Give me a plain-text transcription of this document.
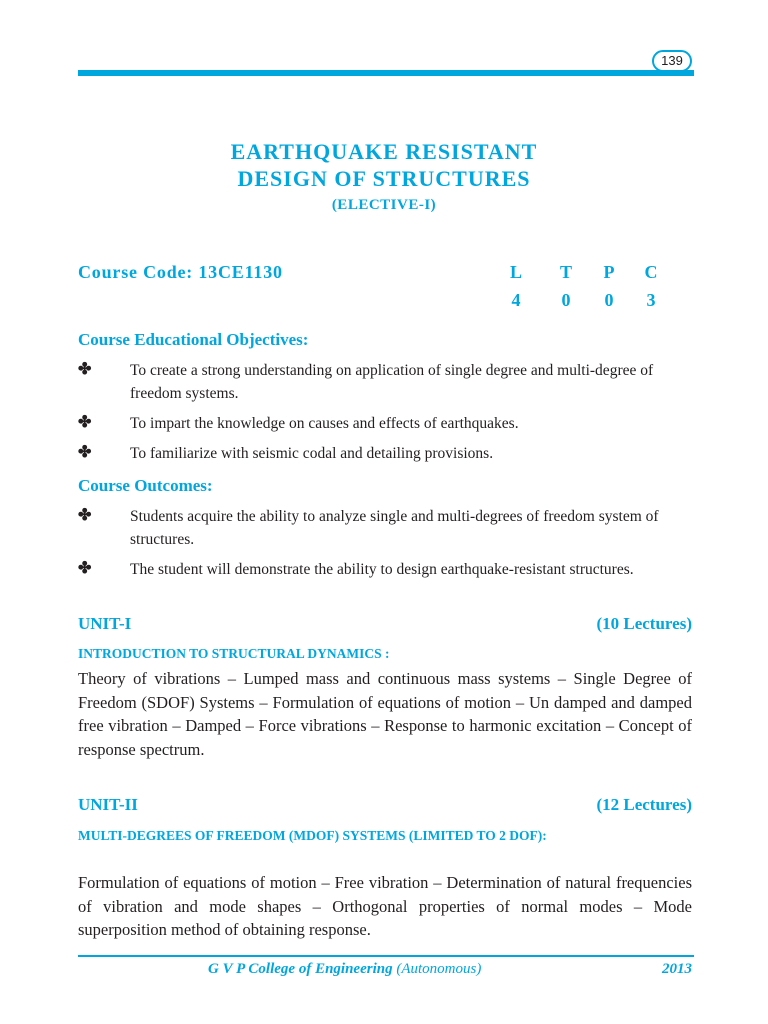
139
EARTHQUAKE RESISTANT
DESIGN OF STRUCTURES
(ELECTIVE-I)
Course Code: 13CE1130	L T P C
4	0	0	3
Course Educational Objectives:
✤ To create a strong understanding on application of single degree and multi-degree of freedom systems.
✤ To impart the knowledge on causes and effects of earthquakes.
✤ To familiarize with seismic codal and detailing provisions.
Course Outcomes:
✤ Students acquire the ability to analyze single and multi-degrees of freedom system of structures.
✤ The student will demonstrate the ability to design earthquake-resistant structures.
UNIT-I	(10 Lectures)
INTRODUCTION TO STRUCTURAL DYNAMICS :
Theory of vibrations – Lumped mass and continuous mass systems – Single Degree of Freedom (SDOF) Systems – Formulation of equations of motion – Un damped and damped free vibration – Damped – Force vibrations – Response to harmonic excitation – Concept of response spectrum.
UNIT-II	(12 Lectures)
MULTI-DEGREES OF FREEDOM (MDOF) SYSTEMS (LIMITED TO 2 DOF):
Formulation of equations of motion – Free vibration – Determination of natural frequencies of vibration and mode shapes – Orthogonal properties of normal modes – Mode superposition method of obtaining response.
G V P College of Engineering (Autonomous)	2013
